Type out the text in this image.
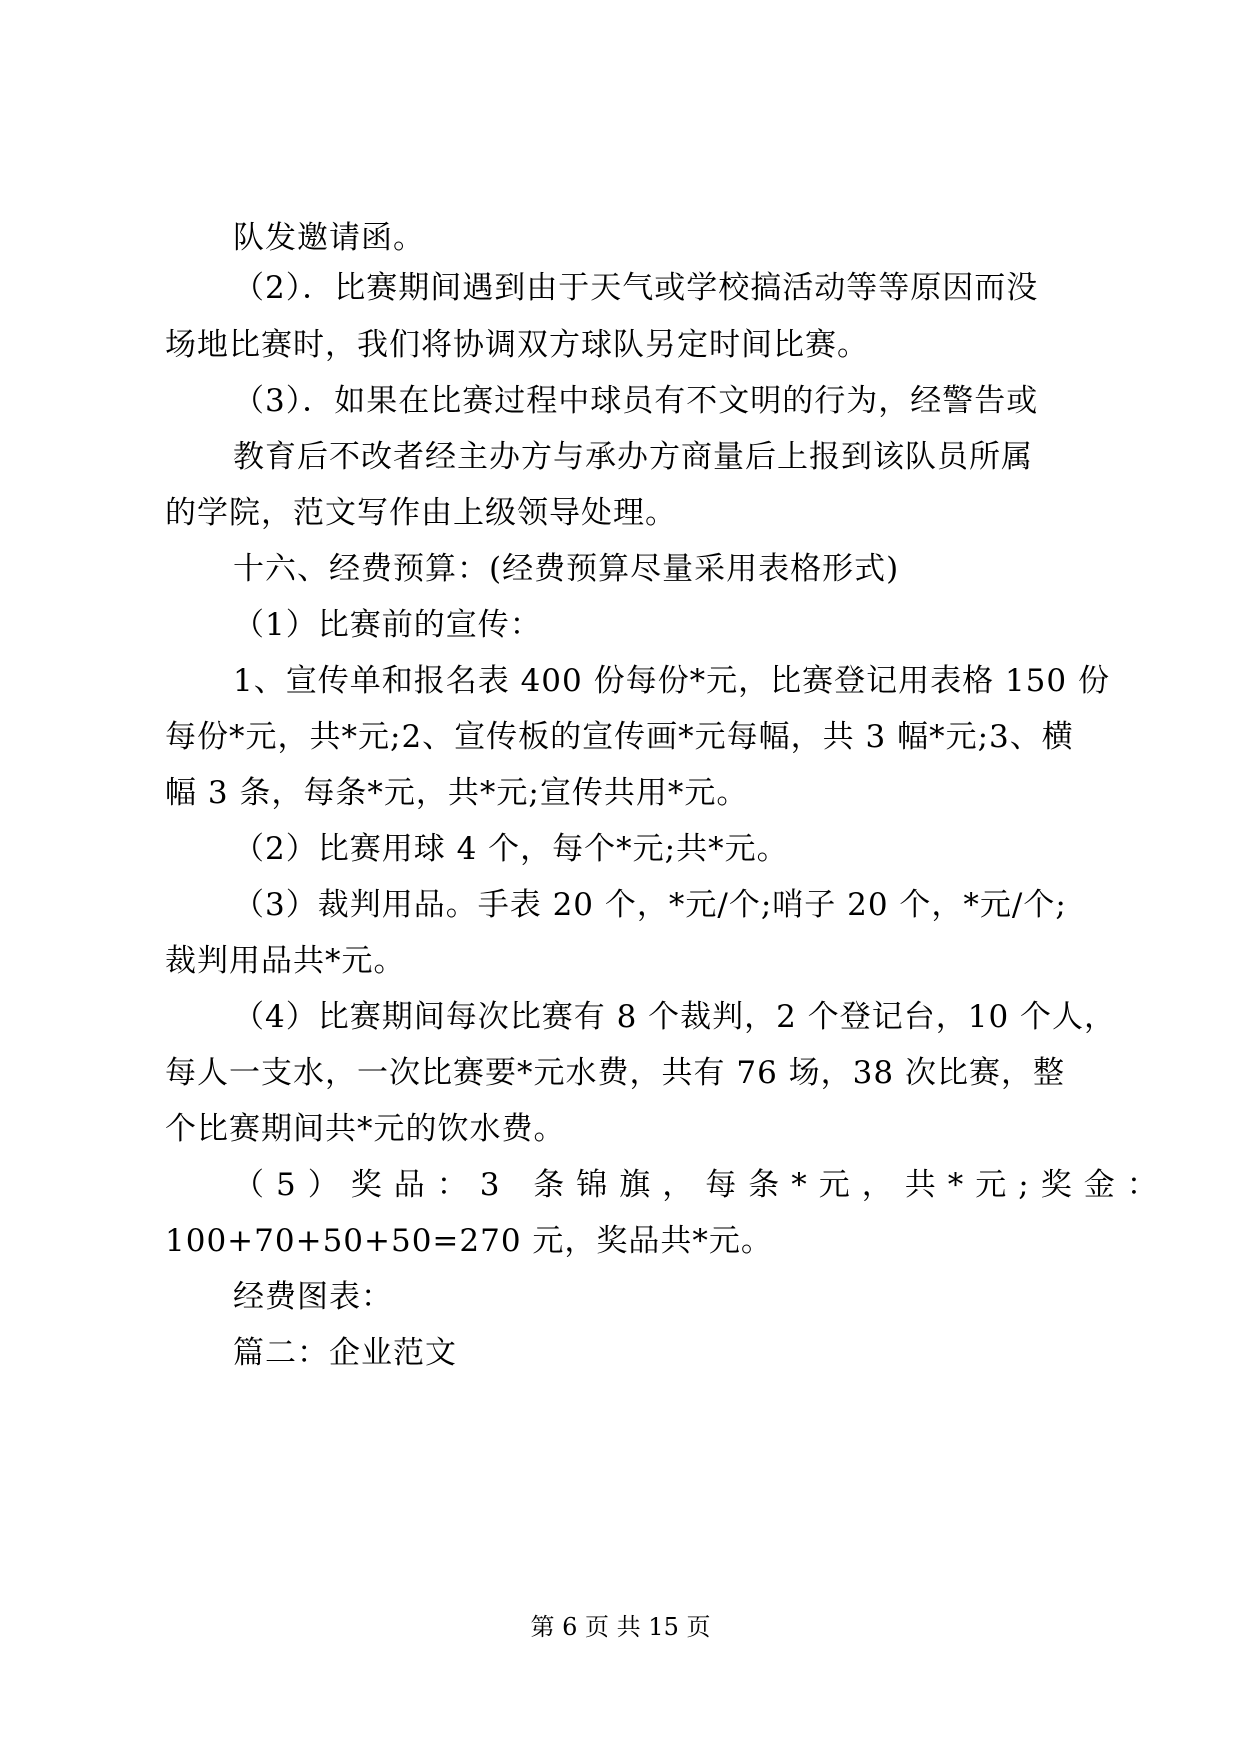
队发邀请函。
（2）．比赛期间遇到由于天气或学校搞活动等等原因而没
场地比赛时，我们将协调双方球队另定时间比赛。
（3）．如果在比赛过程中球员有不文明的行为，经警告或
教育后不改者经主办方与承办方商量后上报到该队员所属
的学院，范文写作由上级领导处理。
十六、经费预算：(经费预算尽量采用表格形式)
（1）比赛前的宣传：
1、宣传单和报名表 400 份每份*元，比赛登记用表格 150 份
每份*元，共*元;2、宣传板的宣传画*元每幅，共 3 幅*元;3、横
幅 3 条，每条*元，共*元;宣传共用*元。
（2）比赛用球 4 个，每个*元;共*元。
（3）裁判用品。手表 20 个，*元/个;哨子 20 个，*元/个;
裁判用品共*元。
（4）比赛期间每次比赛有 8 个裁判，2 个登记台，10 个人，
每人一支水，一次比赛要*元水费，共有 76 场，38 次比赛，整
个比赛期间共*元的饮水费。
（5）奖品：3 条锦旗，每条*元，共*元;奖金：
100+70+50+50=270 元，奖品共*元。
经费图表：
篇二：企业范文
第 6 页 共 15 页
